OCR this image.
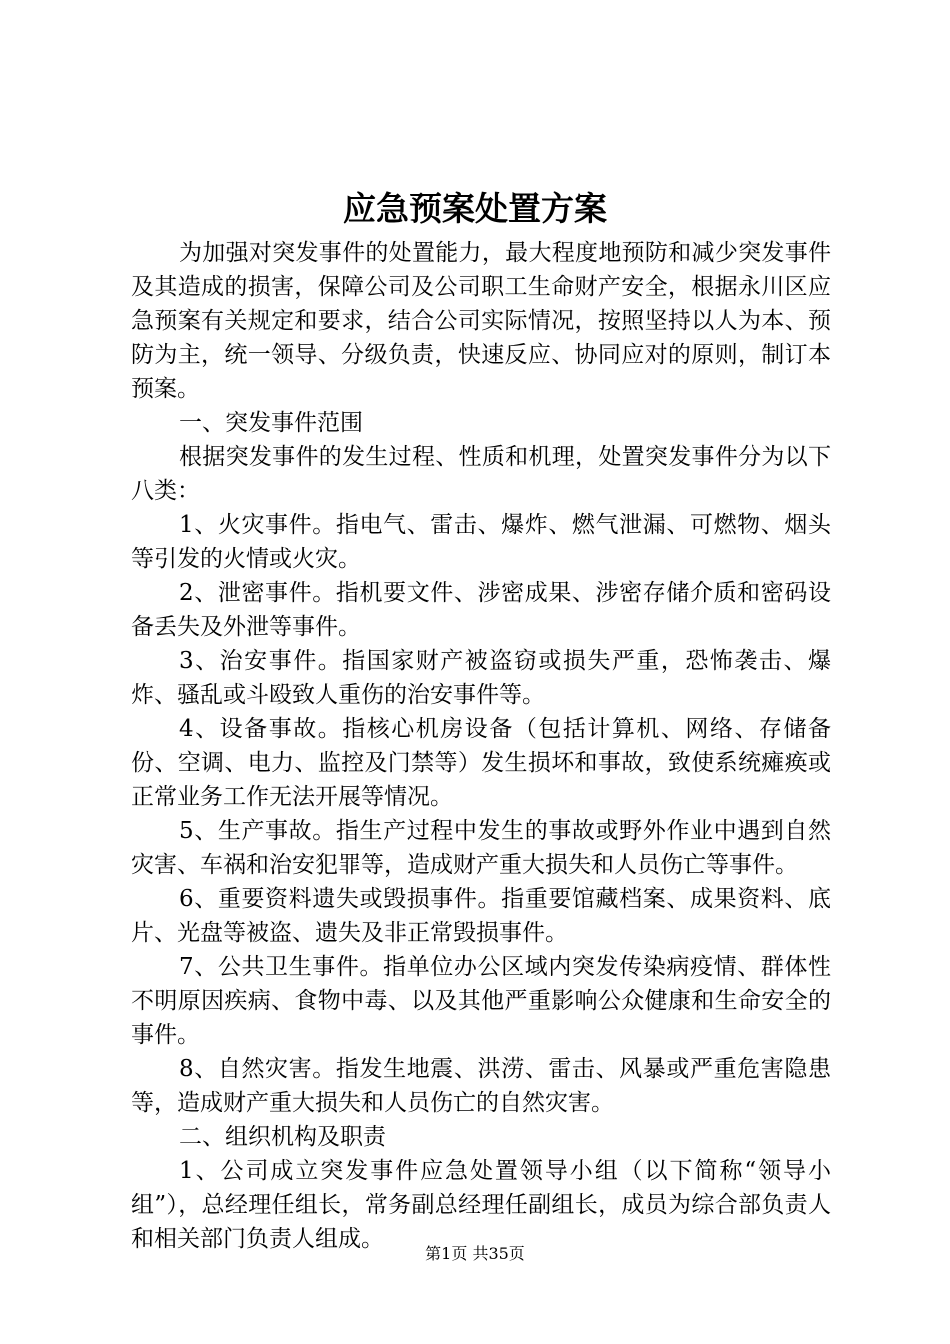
应急预案处置方案

为加强对突发事件的处置能力，最大程度地预防和减少突发事件及其造成的损害，保障公司及公司职工生命财产安全，根据永川区应急预案有关规定和要求，结合公司实际情况，按照坚持以人为本、预防为主，统一领导、分级负责，快速反应、协同应对的原则，制订本预案。

一、突发事件范围

根据突发事件的发生过程、性质和机理，处置突发事件分为以下八类：

1、火灾事件。指电气、雷击、爆炸、燃气泄漏、可燃物、烟头等引发的火情或火灾。

2、泄密事件。指机要文件、涉密成果、涉密存储介质和密码设备丢失及外泄等事件。

3、治安事件。指国家财产被盗窃或损失严重，恐怖袭击、爆炸、骚乱或斗殴致人重伤的治安事件等。

4、设备事故。指核心机房设备（包括计算机、网络、存储备份、空调、电力、监控及门禁等）发生损坏和事故，致使系统瘫痪或正常业务工作无法开展等情况。

5、生产事故。指生产过程中发生的事故或野外作业中遇到自然灾害、车祸和治安犯罪等，造成财产重大损失和人员伤亡等事件。

6、重要资料遗失或毁损事件。指重要馆藏档案、成果资料、底片、光盘等被盗、遗失及非正常毁损事件。

7、公共卫生事件。指单位办公区域内突发传染病疫情、群体性不明原因疾病、食物中毒、以及其他严重影响公众健康和生命安全的事件。

8、自然灾害。指发生地震、洪涝、雷击、风暴或严重危害隐患等，造成财产重大损失和人员伤亡的自然灾害。

二、组织机构及职责

1、公司成立突发事件应急处置领导小组（以下简称“领导小组”），总经理任组长，常务副总经理任副组长，成员为综合部负责人和相关部门负责人组成。

第1页 共35页
